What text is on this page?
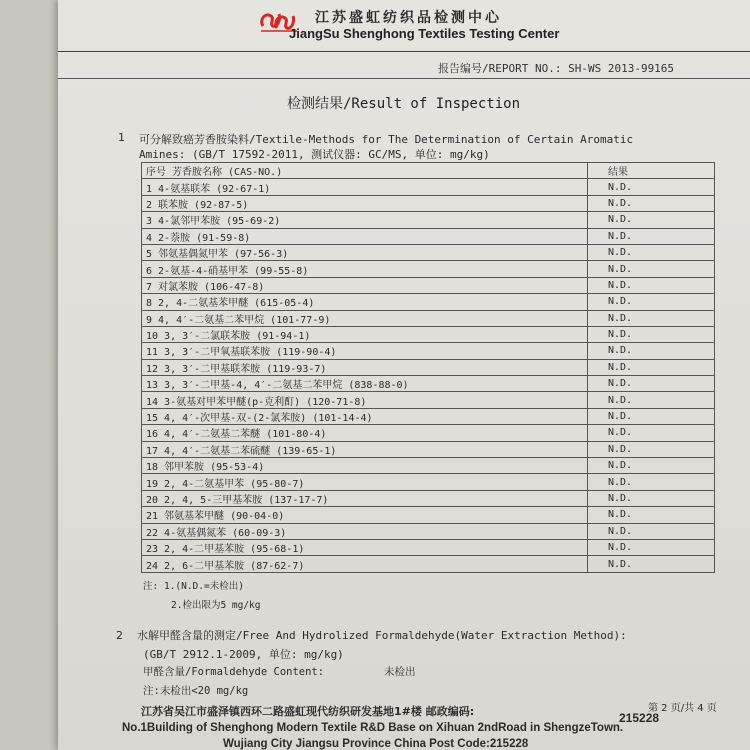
江苏盛虹纺织品检测中心
JiangSu Shenghong Textiles Testing Center
报告编号/REPORT NO.: SH-WS 2013-99165
检测结果/Result of Inspection
1 可分解致癌芳香胺染料/Textile-Methods for The Determination of Certain Aromatic
Amines: (GB/T 17592-2011, 测试仪器: GC/MS, 单位: mg/kg)
序号 芳香胺名称 (CAS-NO.)	结果
1 4-氨基联苯 (92-67-1)	N.D.
2 联苯胺 (92-87-5)	N.D.
3 4-氯邻甲苯胺 (95-69-2)	N.D.
4 2-萘胺 (91-59-8)	N.D.
5 邻氨基偶氮甲苯 (97-56-3)	N.D.
6 2-氨基-4-硝基甲苯 (99-55-8)	N.D.
7 对氯苯胺 (106-47-8)	N.D.
8 2, 4-二氨基苯甲醚 (615-05-4)	N.D.
9 4, 4′-二氨基二苯甲烷 (101-77-9)	N.D.
10 3, 3′-二氯联苯胺 (91-94-1)	N.D.
11 3, 3′-二甲氧基联苯胺 (119-90-4)	N.D.
12 3, 3′-二甲基联苯胺 (119-93-7)	N.D.
13 3, 3′-二甲基-4, 4′-二氨基二苯甲烷 (838-88-0)	N.D.
14 3-氨基对甲苯甲醚(p-克利酊) (120-71-8)	N.D.
15 4, 4′-次甲基-双-(2-氯苯胺) (101-14-4)	N.D.
16 4, 4′-二氨基二苯醚 (101-80-4)	N.D.
17 4, 4′-二氨基二苯硫醚 (139-65-1)	N.D.
18 邻甲苯胺 (95-53-4)	N.D.
19 2, 4-二氨基甲苯 (95-80-7)	N.D.
20 2, 4, 5-三甲基苯胺 (137-17-7)	N.D.
21 邻氨基苯甲醚 (90-04-0)	N.D.
22 4-氨基偶氮苯 (60-09-3)	N.D.
23 2, 4-二甲基苯胺 (95-68-1)	N.D.
24 2, 6-二甲基苯胺 (87-62-7)	N.D.
注: 1.(N.D.=未检出)
2.检出限为5 mg/kg
2 水解甲醛含量的测定/Free And Hydrolized Formaldehyde(Water Extraction Method):
(GB/T 2912.1-2009, 单位: mg/kg)
甲醛含量/Formaldehyde Content:	未检出
注:未检出<20 mg/kg
第 2 页/共 4 页
江苏省吴江市盛泽镇西环二路盛虹现代纺织研发基地1#楼 邮政编码:	215228
No.1Building of Shenghong Modern Textile R&D Base on Xihuan 2ndRoad in ShengzeTown.
Wujiang City Jiangsu Province China Post Code:215228
